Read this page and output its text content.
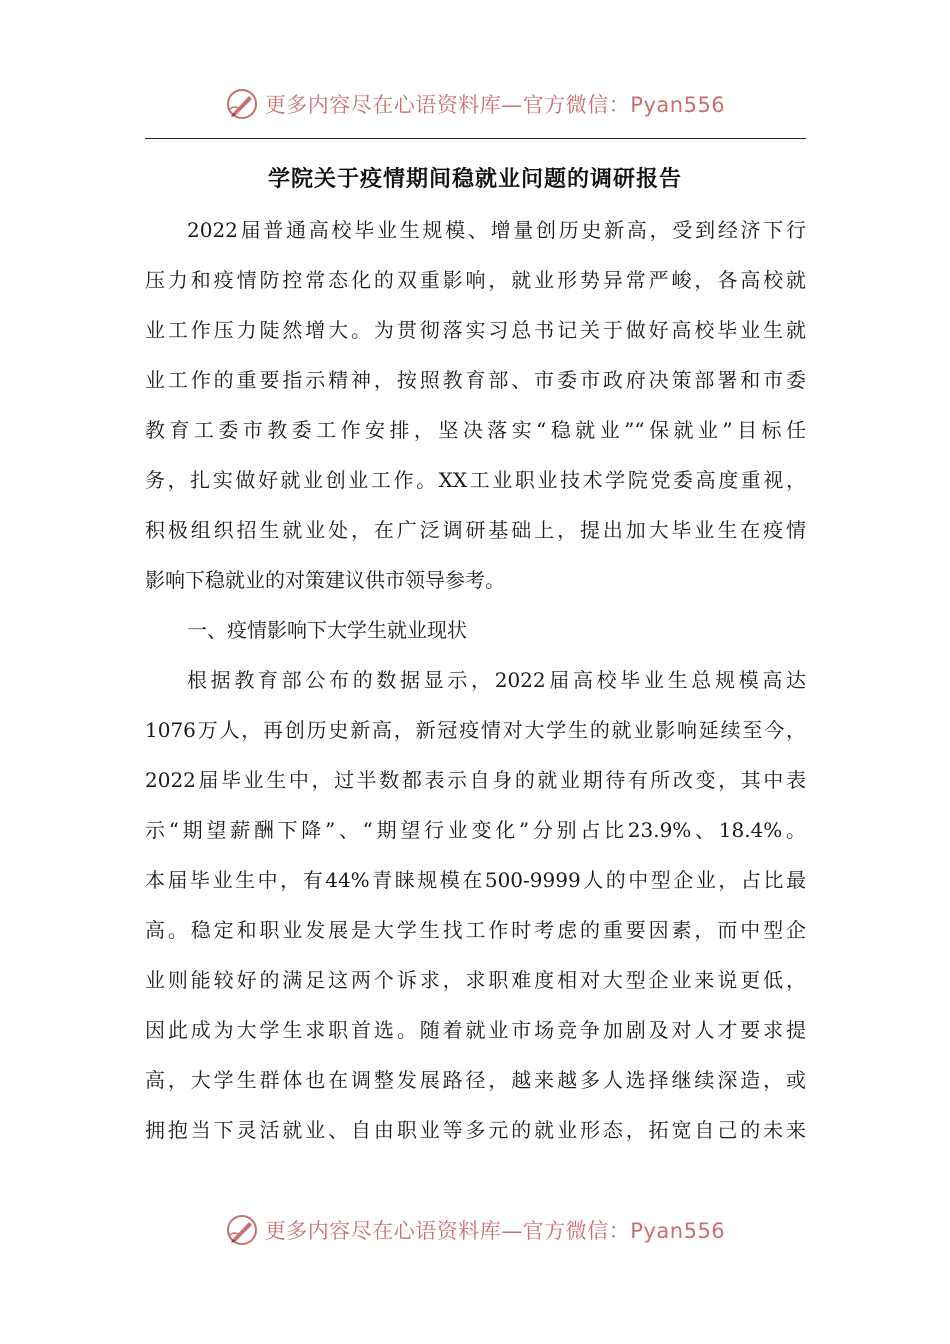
更多内容尽在心语资料库—官方微信：Pyan556
学院关于疫情期间稳就业问题的调研报告
2022届普通高校毕业生规模、增量创历史新高，受到经济下行
压力和疫情防控常态化的双重影响，就业形势异常严峻，各高校就
业工作压力陡然增大。为贯彻落实习总书记关于做好高校毕业生就
业工作的重要指示精神，按照教育部、市委市政府决策部署和市委
教育工委市教委工作安排，坚决落实“稳就业”“保就业”目标任
务，扎实做好就业创业工作。XX工业职业技术学院党委高度重视，
积极组织招生就业处，在广泛调研基础上，提出加大毕业生在疫情
影响下稳就业的对策建议供市领导参考。
一、疫情影响下大学生就业现状
根据教育部公布的数据显示，2022届高校毕业生总规模高达
1076万人，再创历史新高，新冠疫情对大学生的就业影响延续至今，
2022届毕业生中，过半数都表示自身的就业期待有所改变，其中表
示“期望薪酬下降”、“期望行业变化”分别占比23.9%、18.4%。
本届毕业生中，有44%青睐规模在500-9999人的中型企业，占比最
高。稳定和职业发展是大学生找工作时考虑的重要因素，而中型企
业则能较好的满足这两个诉求，求职难度相对大型企业来说更低，
因此成为大学生求职首选。随着就业市场竞争加剧及对人才要求提
高，大学生群体也在调整发展路径，越来越多人选择继续深造，或
拥抱当下灵活就业、自由职业等多元的就业形态，拓宽自己的未来
更多内容尽在心语资料库—官方微信：Pyan556
